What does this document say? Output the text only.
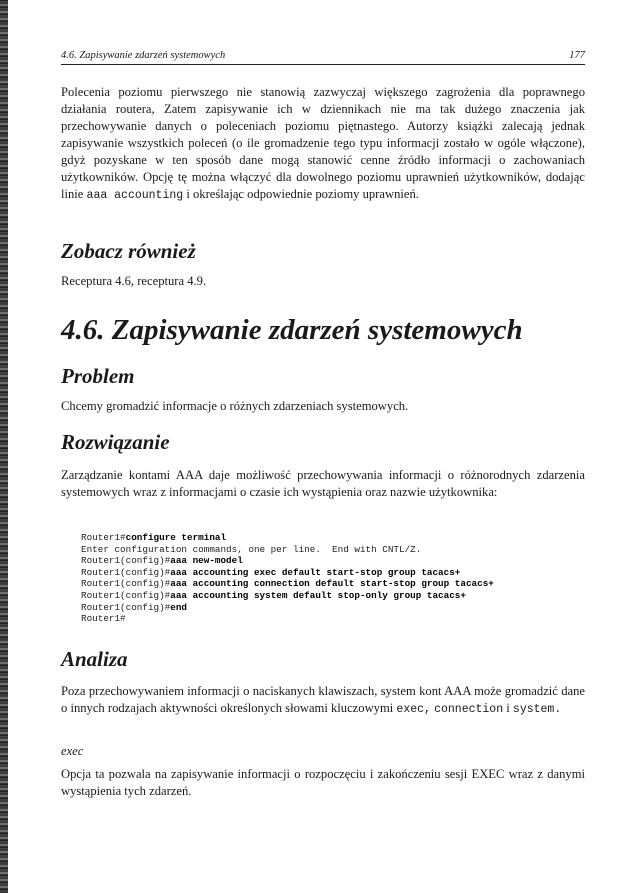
4.6. Zapisywanie zdarzeń systemowych	177

Polecenia poziomu pierwszego nie stanowią zazwyczaj większego zagrożenia dla poprawnego działania routera, Zatem zapisywanie ich w dziennikach nie ma tak dużego znaczenia jak przechowywanie danych o poleceniach poziomu piętnastego. Autorzy książki zalecają jednak zapisywanie wszystkich poleceń (o ile gromadzenie tego typu informacji zostało w ogóle włączone), gdyż pozyskane w ten sposób dane mogą stanowić cenne źródło informacji o zachowaniach użytkowników. Opcję tę można włączyć dla dowolnego poziomu uprawnień użytkowników, dodając linie aaa accounting i określając odpowiednie poziomy uprawnień.

Zobacz również

Receptura 4.6, receptura 4.9.

4.6. Zapisywanie zdarzeń systemowych
Problem

Chcemy gromadzić informacje o różnych zdarzeniach systemowych.

Rozwiązanie

Zarządzanie kontami AAA daje możliwość przechowywania informacji o różnorodnych zdarzenia systemowych wraz z informacjami o czasie ich wystąpienia oraz nazwie użytkownika:

Router1#configure terminal
Enter configuration commands, one per line.  End with CNTL/Z.
Router1(config)#aaa new-model
Router1(config)#aaa accounting exec default start-stop group tacacs+
Router1(config)#aaa accounting connection default start-stop group tacacs+
Router1(config)#aaa accounting system default stop-only group tacacs+
Router1(config)#end
Router1#

Analiza

Poza przechowywaniem informacji o naciskanych klawiszach, system kont AAA może gromadzić dane o innych rodzajach aktywności określonych słowami kluczowymi exec, connection i system.

exec

Opcja ta pozwala na zapisywanie informacji o rozpoczęciu i zakończeniu sesji EXEC wraz z danymi wystąpienia tych zdarzeń.
